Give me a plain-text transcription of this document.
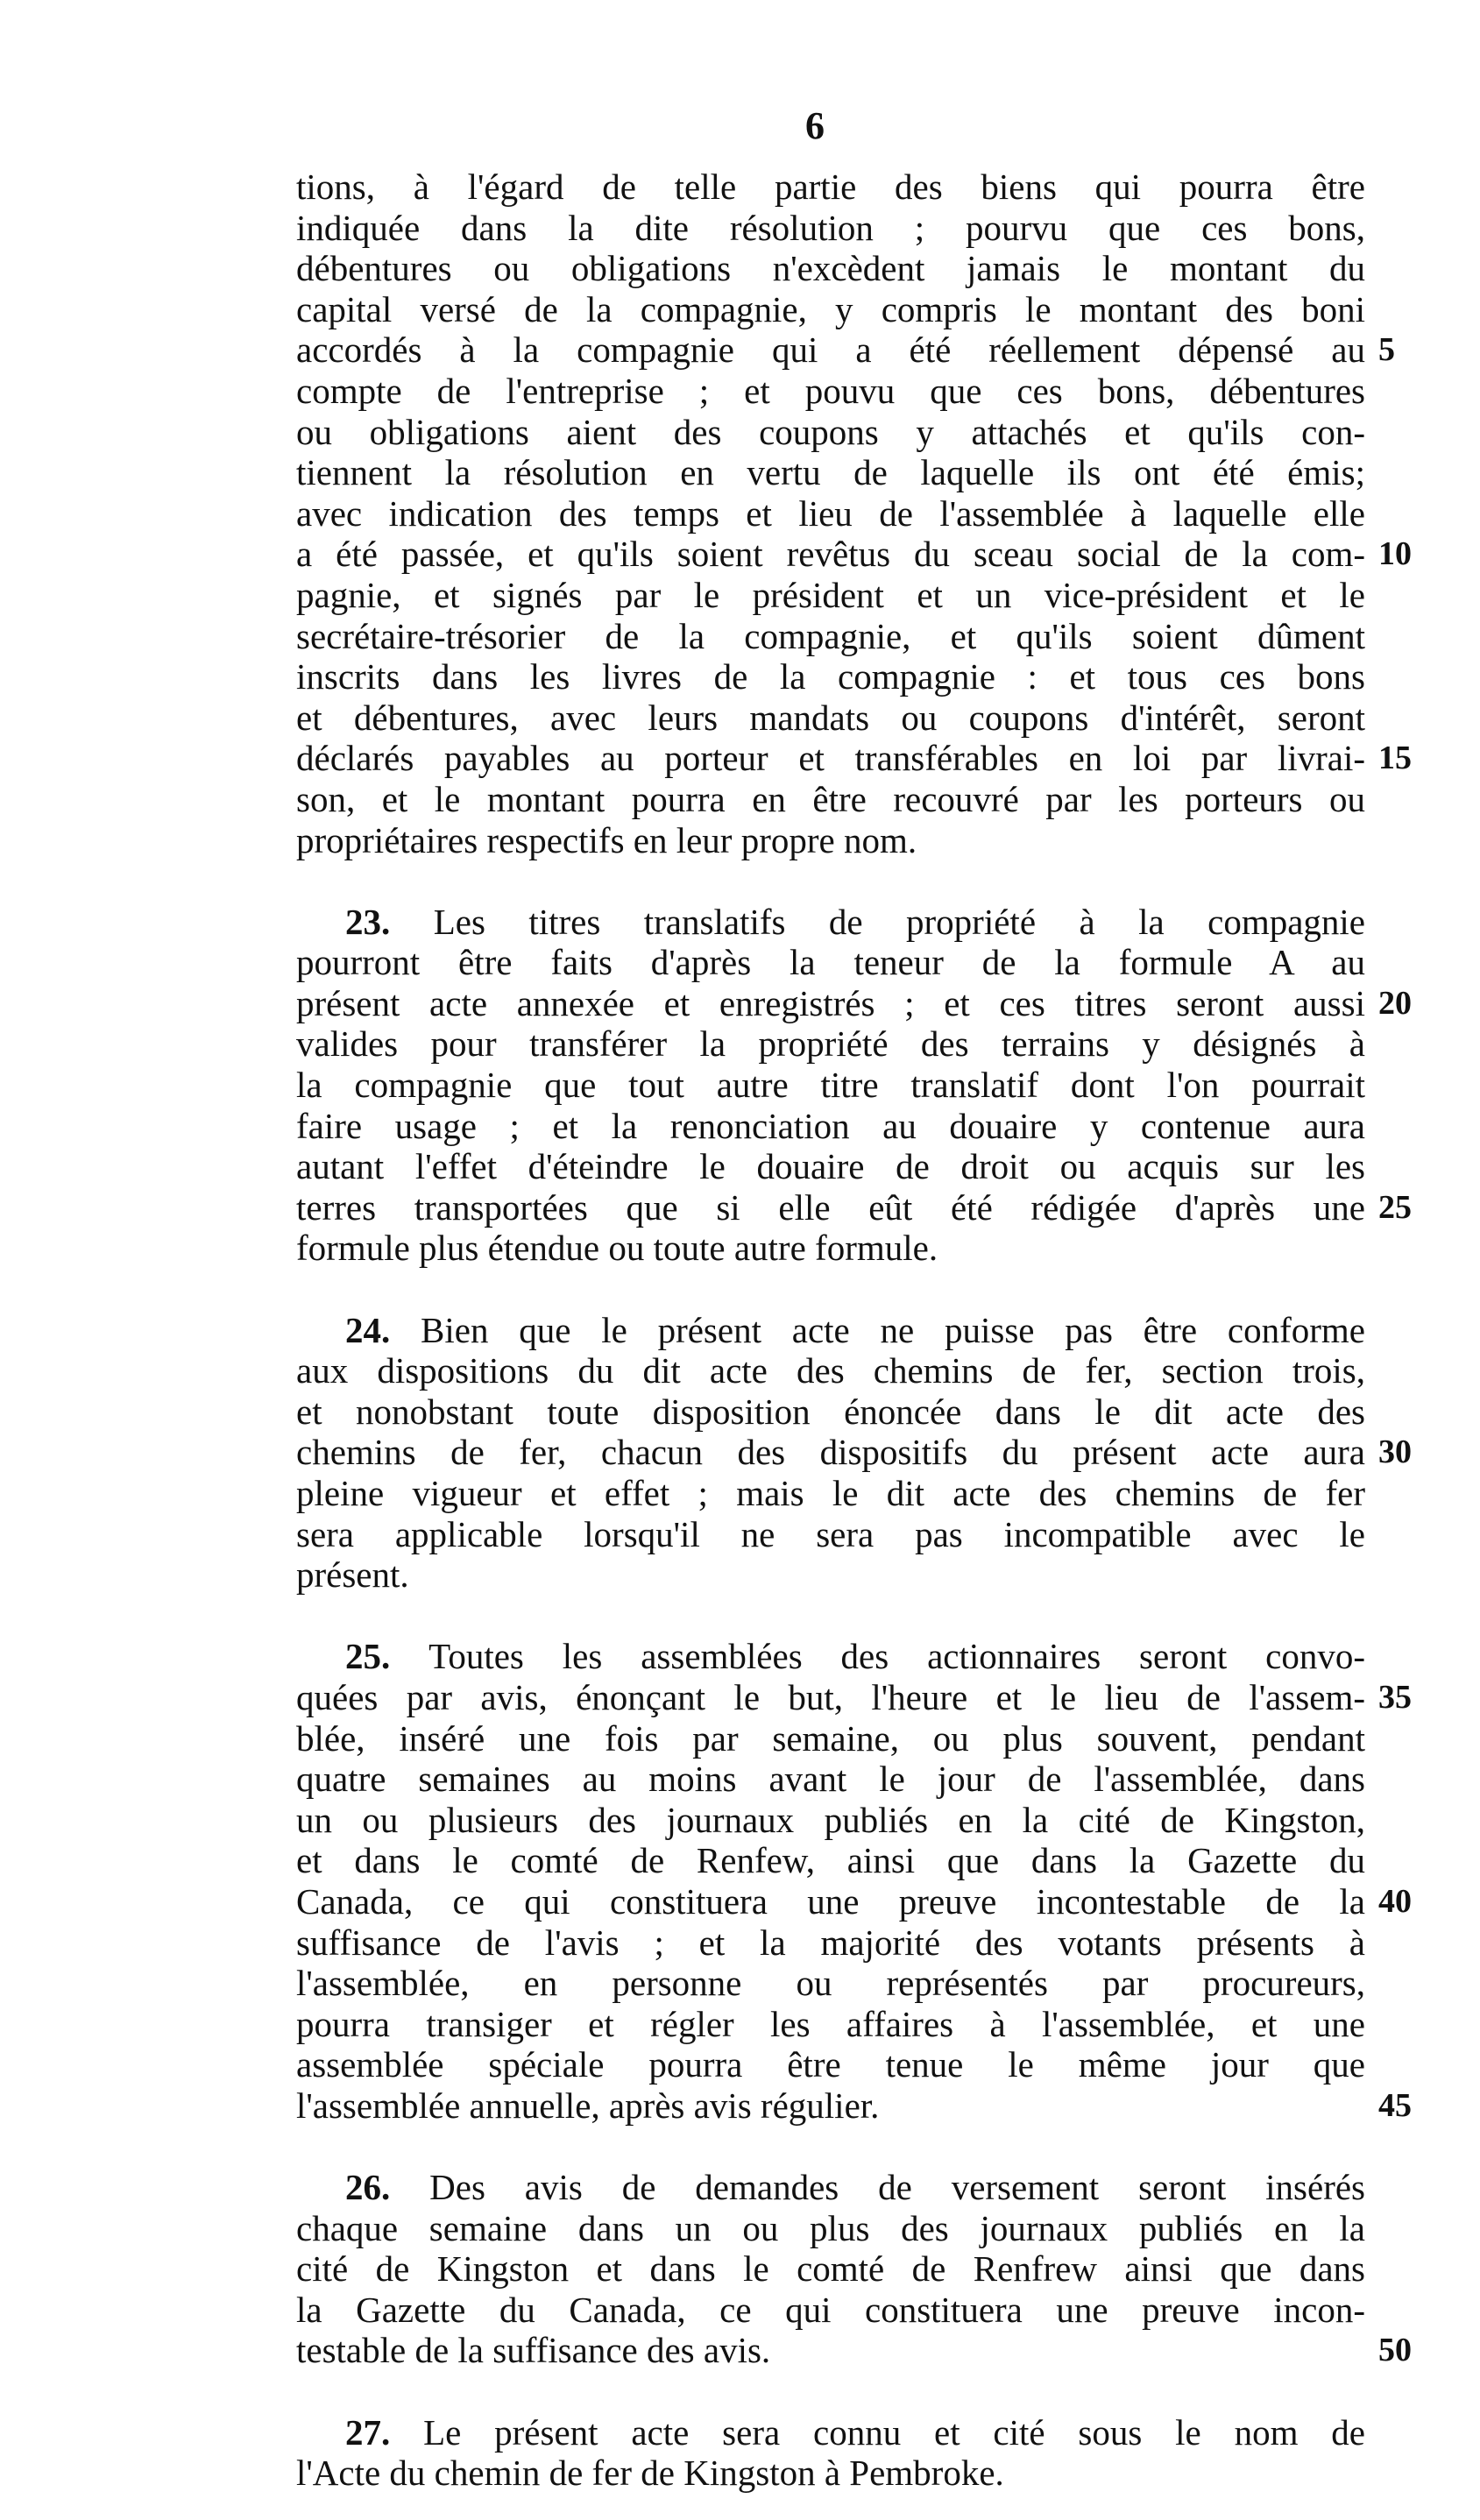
6
tions, à l'égard de telle partie des biens qui pourra être
indiquée dans la dite résolution ; pourvu que ces bons,
débentures ou obligations n'excèdent jamais le montant du
capital versé de la compagnie, y compris le montant des boni
accordés à la compagnie qui a été réellement dépensé au 5
compte de l'entreprise ; et pouvu que ces bons, débentures
ou obligations aient des coupons y attachés et qu'ils con-
tiennent la résolution en vertu de laquelle ils ont été émis;
avec indication des temps et lieu de l'assemblée à laquelle elle
a été passée, et qu'ils soient revêtus du sceau social de la com- 10
pagnie, et signés par le président et un vice-président et le
secrétaire-trésorier de la compagnie, et qu'ils soient dûment
inscrits dans les livres de la compagnie : et tous ces bons
et débentures, avec leurs mandats ou coupons d'intérêt, seront
déclarés payables au porteur et transférables en loi par livrai- 15
son, et le montant pourra en être recouvré par les porteurs ou
propriétaires respectifs en leur propre nom.
23. Les titres translatifs de propriété à la compagnie
pourront être faits d'après la teneur de la formule A au
présent acte annexée et enregistrés ; et ces titres seront aussi 20
valides pour transférer la propriété des terrains y désignés à
la compagnie que tout autre titre translatif dont l'on pourrait
faire usage ; et la renonciation au douaire y contenue aura
autant l'effet d'éteindre le douaire de droit ou acquis sur les
terres transportées que si elle eût été rédigée d'après une 25
formule plus étendue ou toute autre formule.
24. Bien que le présent acte ne puisse pas être conforme
aux dispositions du dit acte des chemins de fer, section trois,
et nonobstant toute disposition énoncée dans le dit acte des
chemins de fer, chacun des dispositifs du présent acte aura 30
pleine vigueur et effet ; mais le dit acte des chemins de fer
sera applicable lorsqu'il ne sera pas incompatible avec le
présent.
25. Toutes les assemblées des actionnaires seront convo-
quées par avis, énonçant le but, l'heure et le lieu de l'assem- 35
blée, inséré une fois par semaine, ou plus souvent, pendant
quatre semaines au moins avant le jour de l'assemblée, dans
un ou plusieurs des journaux publiés en la cité de Kingston,
et dans le comté de Renfew, ainsi que dans la Gazette du
Canada, ce qui constituera une preuve incontestable de la 40
suffisance de l'avis ; et la majorité des votants présents à
l'assemblée, en personne ou représentés par procureurs,
pourra transiger et régler les affaires à l'assemblée, et une
assemblée spéciale pourra être tenue le même jour que
l'assemblée annuelle, après avis régulier.	45
26. Des avis de demandes de versement seront insérés
chaque semaine dans un ou plus des journaux publiés en la
cité de Kingston et dans le comté de Renfrew ainsi que dans
la Gazette du Canada, ce qui constituera une preuve incon-
testable de la suffisance des avis.	50
27. Le présent acte sera connu et cité sous le nom de
l'Acte du chemin de fer de Kingston à Pembroke.
